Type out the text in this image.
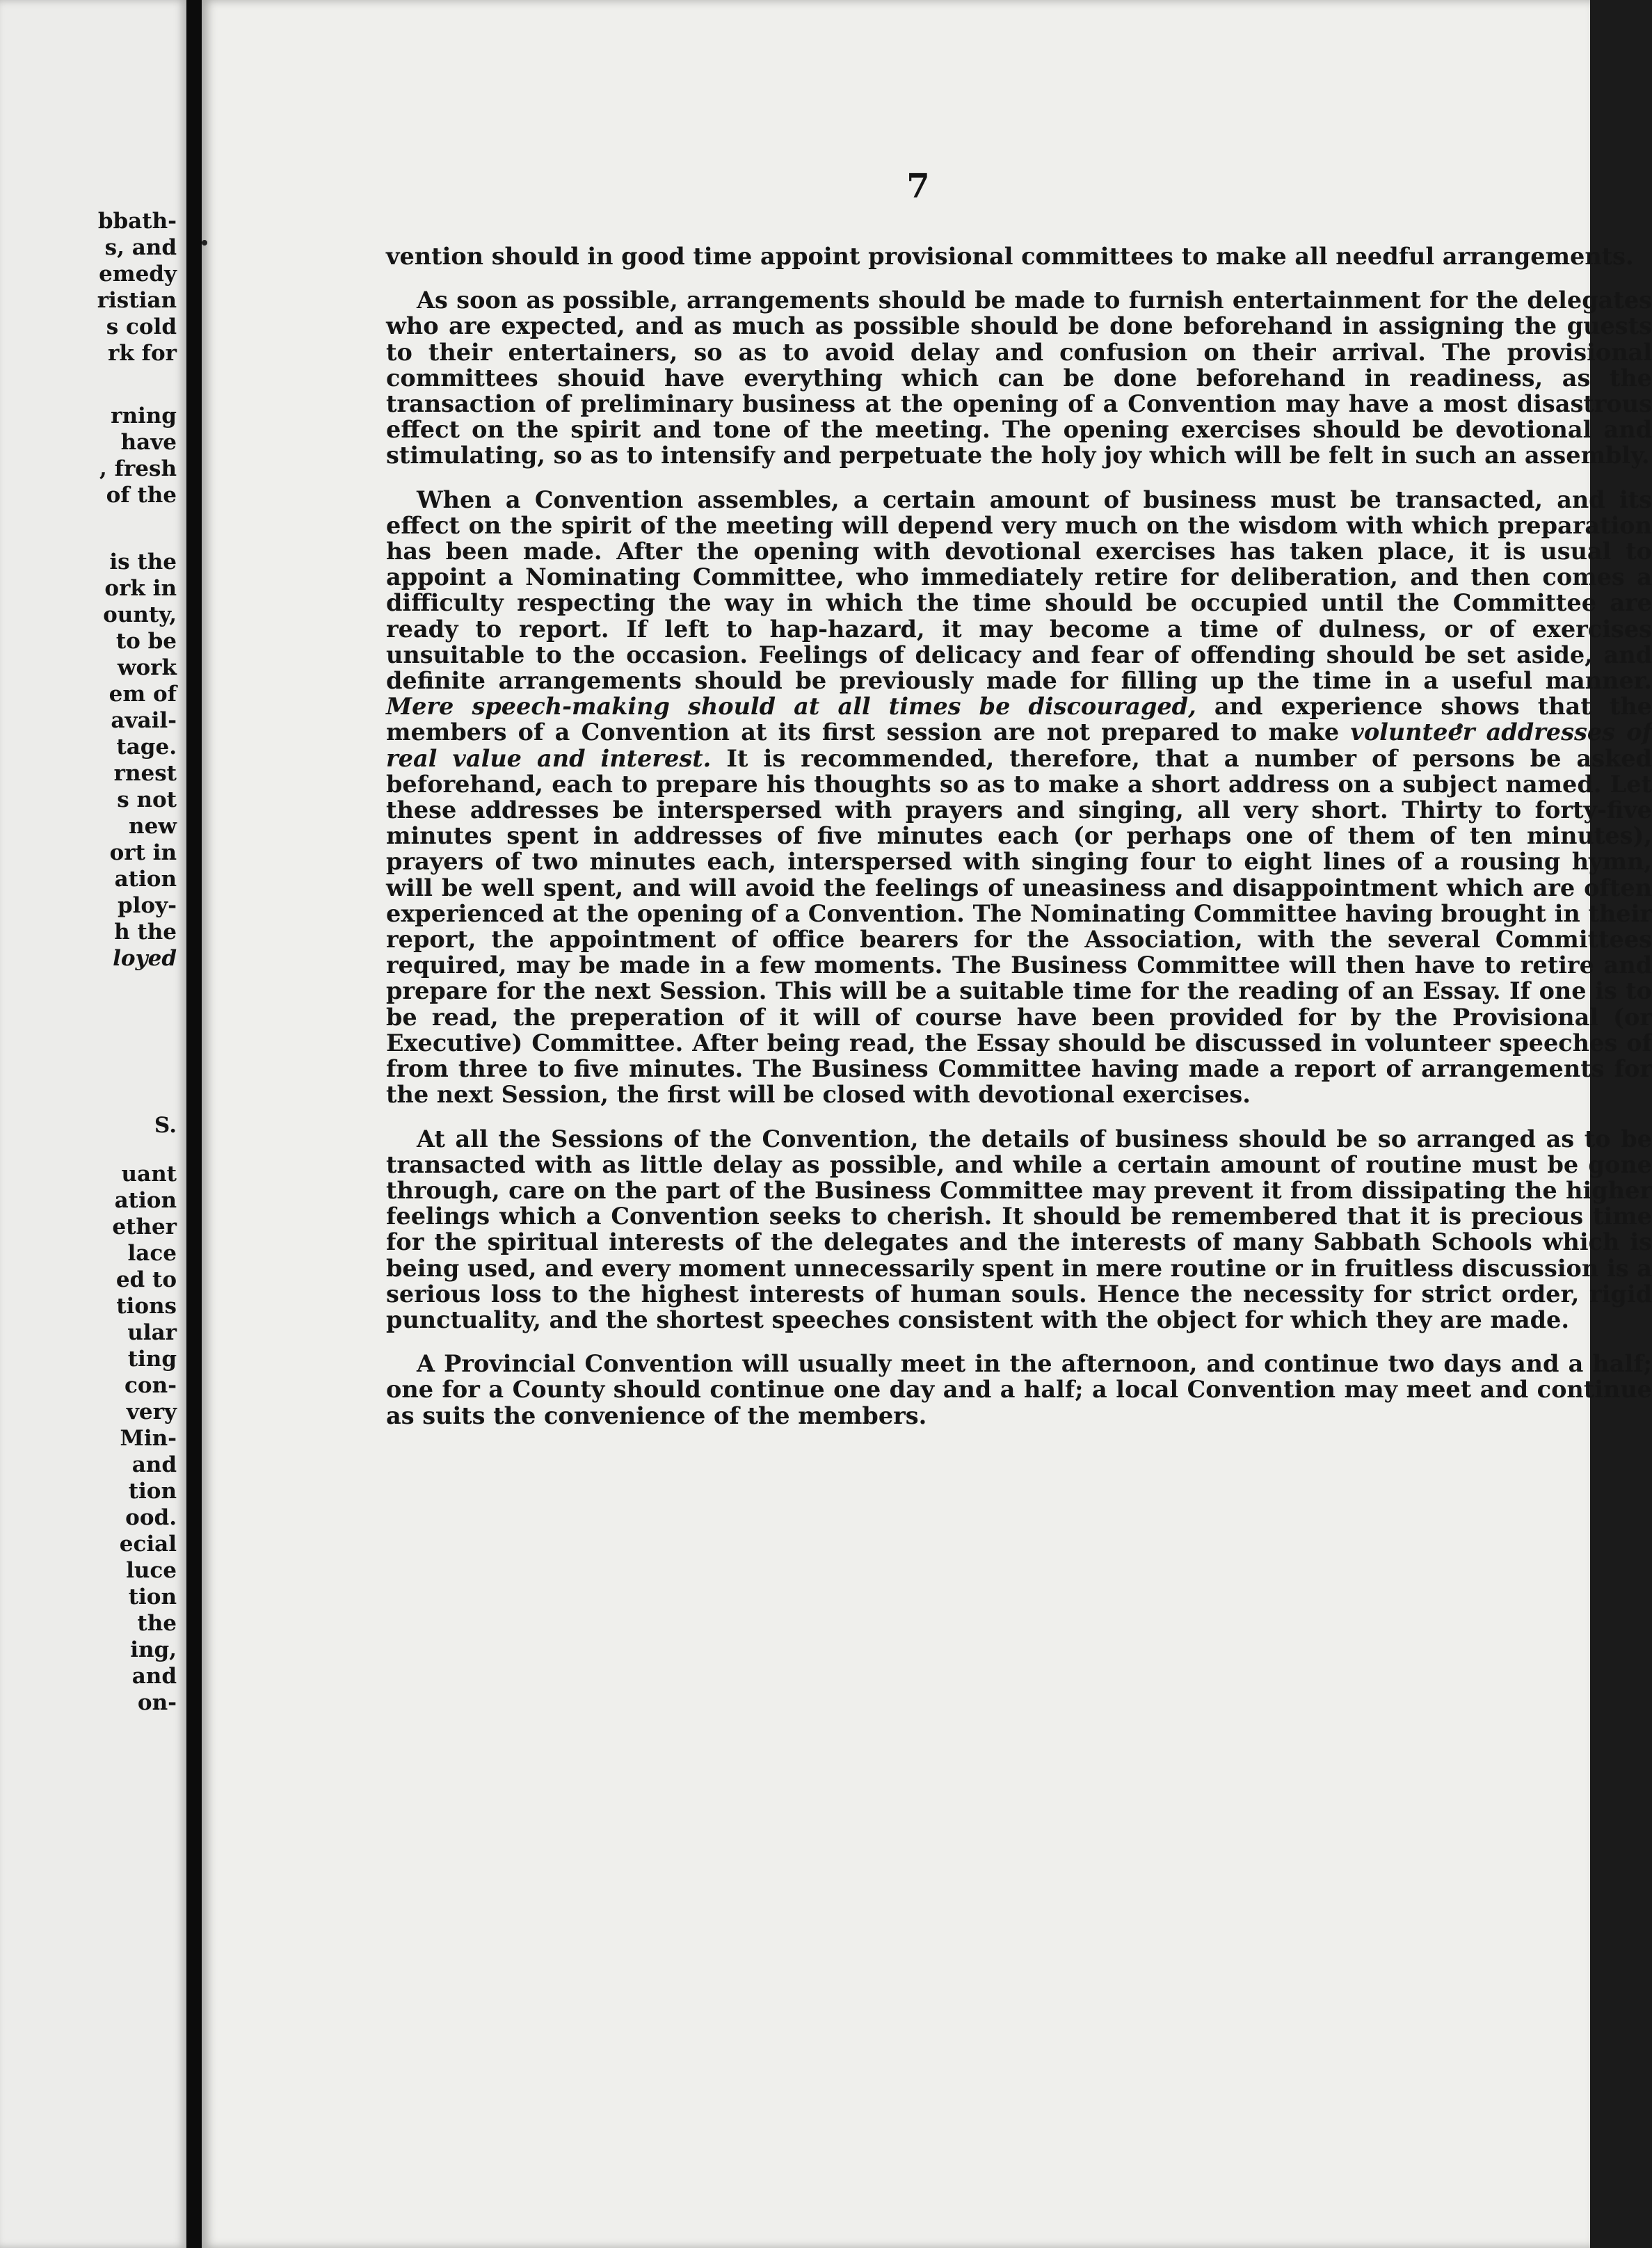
bbath-
s, and
emedy
ristian
s cold
rk for
rning
have
, fresh
of the
is the
ork in
ounty,
to be
work
em of
avail-
tage.
rnest
s not
new
ort in
ation
ploy-
h the
loyed
S.
uant
ation
ether
lace
ed to
tions
ular
ting
con-
very
Min-
and
tion
ood.
ecial
luce
tion
the
ing,
and
on-
7

vention should in good time appoint provisional committees to make all needful arrangements.

As soon as possible, arrangements should be made to furnish entertainment for the delegates who are expected, and as much as possible should be done beforehand in assigning the guests to their entertainers, so as to avoid delay and confusion on their arrival. The provisional committees shouid have everything which can be done beforehand in readiness, as the transaction of preliminary business at the opening of a Convention may have a most disastrous effect on the spirit and tone of the meeting. The opening exercises should be devotional and stimulating, so as to intensify and perpetuate the holy joy which will be felt in such an assembly.

When a Convention assembles, a certain amount of business must be transacted, and its effect on the spirit of the meeting will depend very much on the wisdom with which preparation has been made. After the opening with devotional exercises has taken place, it is usual to appoint a Nominating Committee, who immediately retire for deliberation, and then comes a difficulty respecting the way in which the time should be occupied until the Committee are ready to report. If left to hap-hazard, it may become a time of dulness, or of exercises unsuitable to the occasion. Feelings of delicacy and fear of offending should be set aside, and definite arrangements should be previously made for filling up the time in a useful manner. Mere speech-making should at all times be discouraged, and experience shows that the members of a Convention at its first session are not prepared to make volunteer addresses of real value and interest. It is recommended, therefore, that a number of persons be asked beforehand, each to prepare his thoughts so as to make a short address on a subject named. Let these addresses be interspersed with prayers and singing, all very short. Thirty to forty-five minutes spent in addresses of five minutes each (or perhaps one of them of ten minutes), prayers of two minutes each, interspersed with singing four to eight lines of a rousing hymn, will be well spent, and will avoid the feelings of uneasiness and disappointment which are often experienced at the opening of a Convention. The Nominating Committee having brought in their report, the appointment of office bearers for the Association, with the several Committees required, may be made in a few moments. The Business Committee will then have to retire and prepare for the next Session. This will be a suitable time for the reading of an Essay. If one is to be read, the preperation of it will of course have been provided for by the Provisional (or Executive) Committee. After being read, the Essay should be discussed in volunteer speeches of from three to five minutes. The Business Committee having made a report of arrangements for the next Session, the first will be closed with devotional exercises.

At all the Sessions of the Convention, the details of business should be so arranged as to be transacted with as little delay as possible, and while a certain amount of routine must be gone through, care on the part of the Business Committee may prevent it from dissipating the higher feelings which a Convention seeks to cherish. It should be remembered that it is precious time for the spiritual interests of the delegates and the interests of many Sabbath Schools which is being used, and every moment unnecessarily spent in mere routine or in fruitless discussion is a serious loss to the highest interests of human souls. Hence the necessity for strict order, rigid punctuality, and the shortest speeches consistent with the object for which they are made.

A Provincial Convention will usually meet in the afternoon, and continue two days and a half; one for a County should continue one day and a half; a local Convention may meet and continue as suits the convenience of the members.
